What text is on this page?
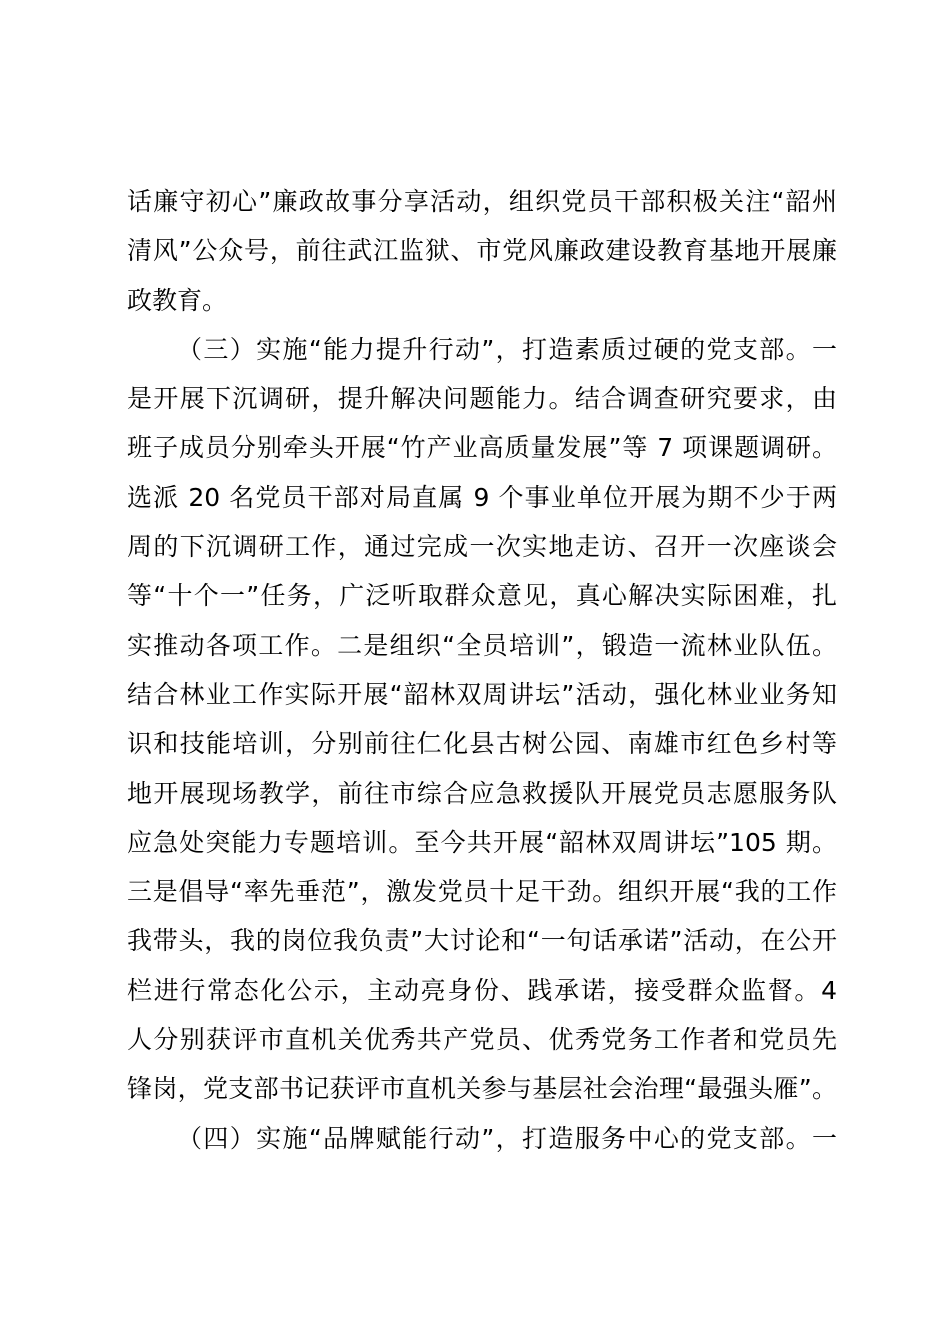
话廉守初心”廉政故事分享活动，组织党员干部积极关注“韶州
清风”公众号，前往武江监狱、市党风廉政建设教育基地开展廉
政教育。
（三）实施“能力提升行动”，打造素质过硬的党支部。一
是开展下沉调研，提升解决问题能力。结合调查研究要求，由
班子成员分别牵头开展“竹产业高质量发展”等 7 项课题调研。
选派 20 名党员干部对局直属 9 个事业单位开展为期不少于两
周的下沉调研工作，通过完成一次实地走访、召开一次座谈会
等“十个一”任务，广泛听取群众意见，真心解决实际困难，扎
实推动各项工作。二是组织“全员培训”，锻造一流林业队伍。
结合林业工作实际开展“韶林双周讲坛”活动，强化林业业务知
识和技能培训，分别前往仁化县古树公园、南雄市红色乡村等
地开展现场教学，前往市综合应急救援队开展党员志愿服务队
应急处突能力专题培训。至今共开展“韶林双周讲坛”105 期。
三是倡导“率先垂范”，激发党员十足干劲。组织开展“我的工作
我带头，我的岗位我负责”大讨论和“一句话承诺”活动，在公开
栏进行常态化公示，主动亮身份、践承诺，接受群众监督。4
人分别获评市直机关优秀共产党员、优秀党务工作者和党员先
锋岗，党支部书记获评市直机关参与基层社会治理“最强头雁”。
（四）实施“品牌赋能行动”，打造服务中心的党支部。一
